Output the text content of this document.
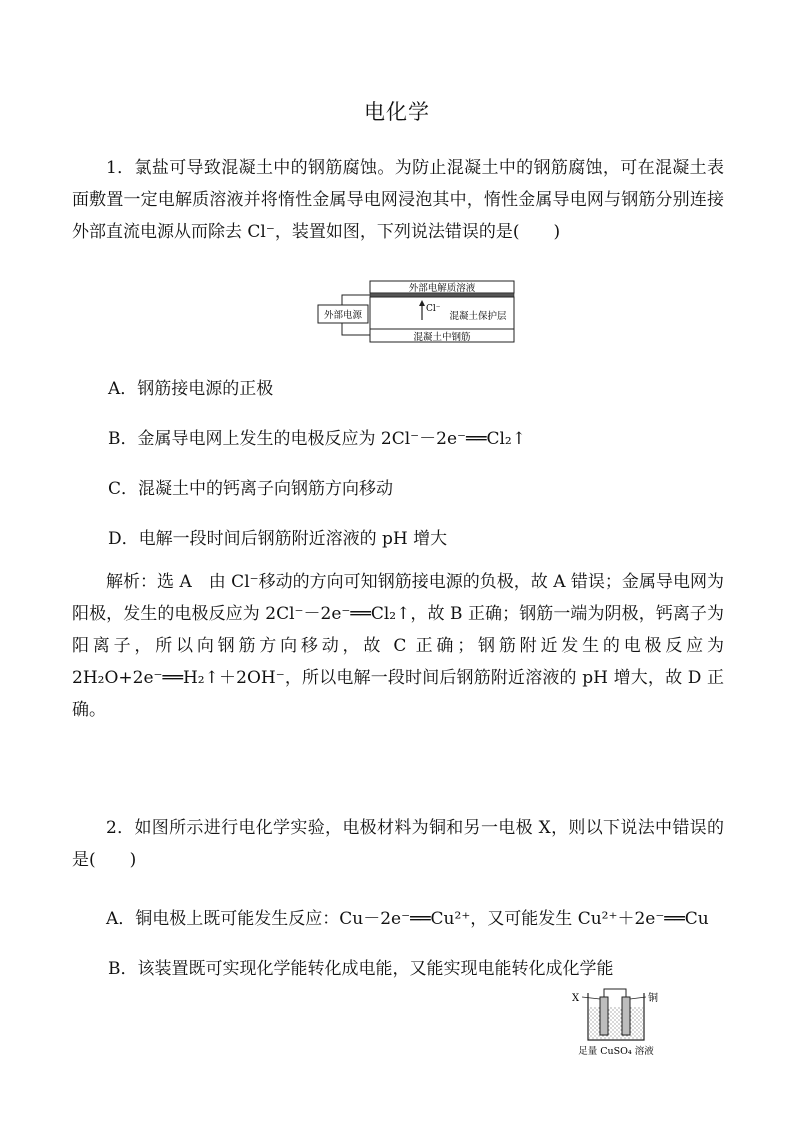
电化学
1．氯盐可导致混凝土中的钢筋腐蚀。为防止混凝土中的钢筋腐蚀，可在混凝土表面敷置一定电解质溶液并将惰性金属导电网浸泡其中，惰性金属导电网与钢筋分别连接外部直流电源从而除去 Cl⁻，装置如图，下列说法错误的是(　　)
外部电解质溶液
外部电源
Cl⁻
混凝土保护层
混凝土中钢筋
A．钢筋接电源的正极
B．金属导电网上发生的电极反应为 2Cl⁻－2e⁻══Cl₂↑
C．混凝土中的钙离子向钢筋方向移动
D．电解一段时间后钢筋附近溶液的 pH 增大
解析：选 A　由 Cl⁻移动的方向可知钢筋接电源的负极，故 A 错误；金属导电网为阳极，发生的电极反应为 2Cl⁻－2e⁻══Cl₂↑，故 B 正确；钢筋一端为阴极，钙离子为阳离子，所以向钢筋方向移动，故 C 正确；钢筋附近发生的电极反应为 2H₂O+2e⁻══H₂↑＋2OH⁻，所以电解一段时间后钢筋附近溶液的 pH 增大，故 D 正确。
2．如图所示进行电化学实验，电极材料为铜和另一电极 X，则以下说法中错误的是(　　)
A．铜电极上既可能发生反应：Cu－2e⁻══Cu²⁺，又可能发生 Cu²⁺＋2e⁻══Cu
B．该装置既可实现化学能转化成电能，又能实现电能转化成化学能
X	铜
足量 CuSO₄ 溶液
